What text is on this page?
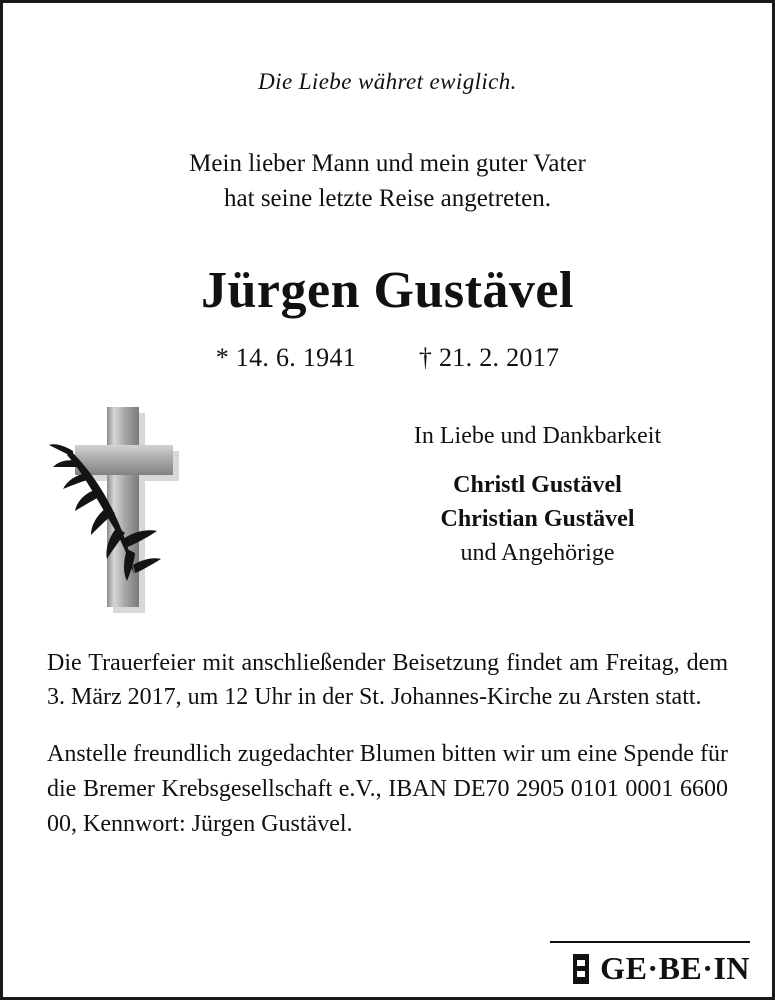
Die Liebe währet ewiglich.
Mein lieber Mann und mein guter Vater
hat seine letzte Reise angetreten.
Jürgen Gustävel
* 14. 6. 1941 † 21. 2. 2017
In Liebe und Dankbarkeit
Christl Gustävel
Christian Gustävel
und Angehörige

Die Trauerfeier mit anschließender Beisetzung findet am Freitag, dem 3. März 2017, um 12 Uhr in der St. Johannes-Kirche zu Arsten statt.

Anstelle freundlich zugedachter Blumen bitten wir um eine Spende für die Bremer Krebsgesellschaft e.V., IBAN DE70 2905 0101 0001 6600 00, Kennwort: Jürgen Gustävel.

GE·BE·IN
